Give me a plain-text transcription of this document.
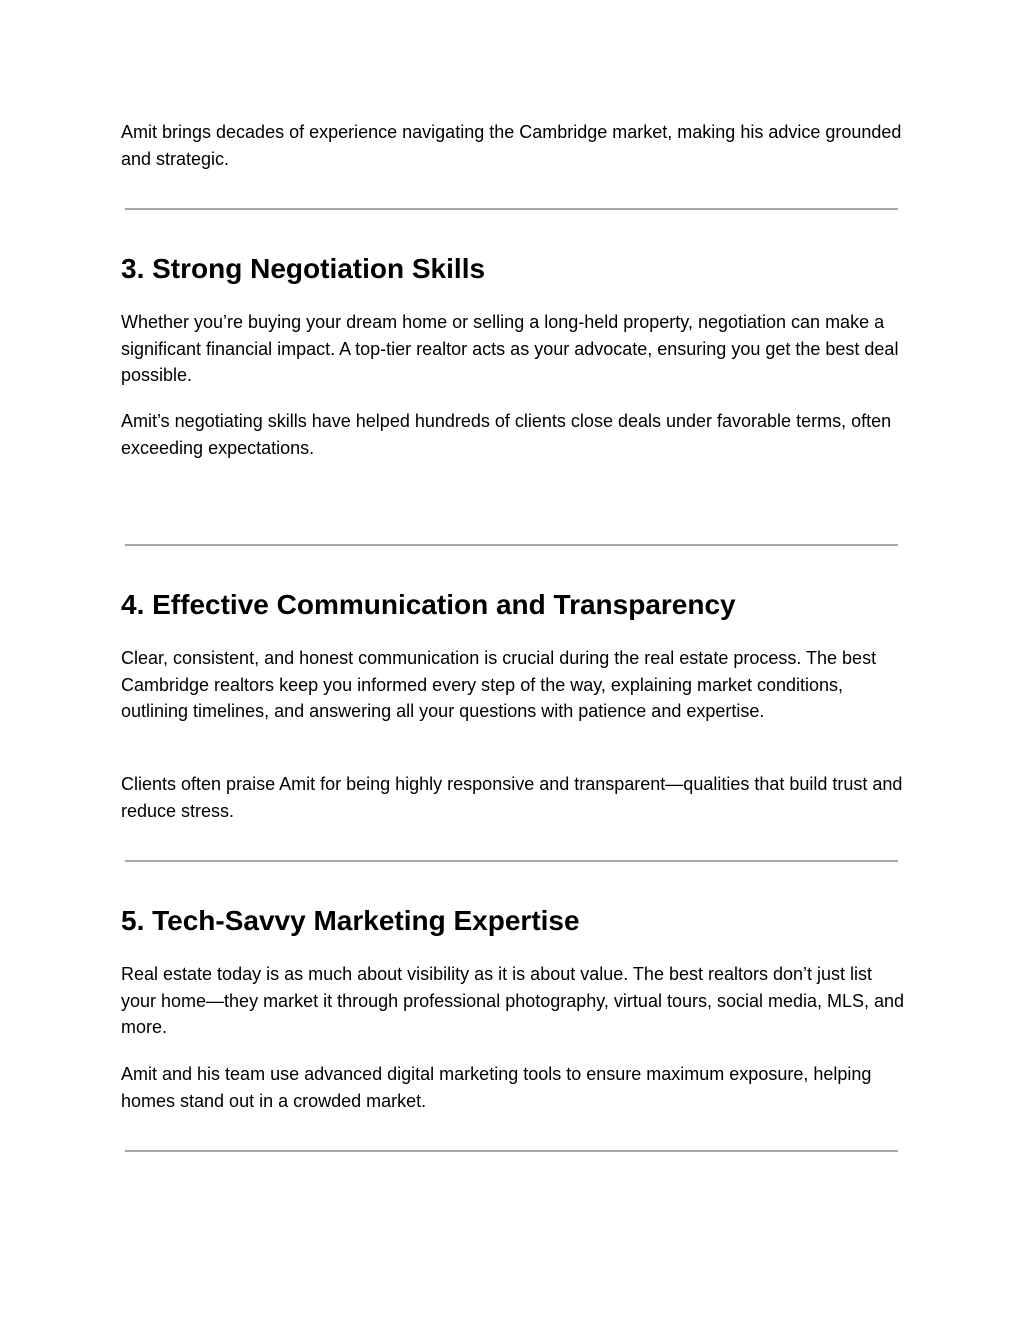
Amit brings decades of experience navigating the Cambridge market, making his advice grounded and strategic.

3. Strong Negotiation Skills

Whether you’re buying your dream home or selling a long-held property, negotiation can make a significant financial impact. A top-tier realtor acts as your advocate, ensuring you get the best deal possible.

Amit’s negotiating skills have helped hundreds of clients close deals under favorable terms, often exceeding expectations.

4. Effective Communication and Transparency

Clear, consistent, and honest communication is crucial during the real estate process. The best Cambridge realtors keep you informed every step of the way, explaining market conditions, outlining timelines, and answering all your questions with patience and expertise.

Clients often praise Amit for being highly responsive and transparent—qualities that build trust and reduce stress.

5. Tech-Savvy Marketing Expertise

Real estate today is as much about visibility as it is about value. The best realtors don’t just list your home—they market it through professional photography, virtual tours, social media, MLS, and more.

Amit and his team use advanced digital marketing tools to ensure maximum exposure, helping homes stand out in a crowded market.
